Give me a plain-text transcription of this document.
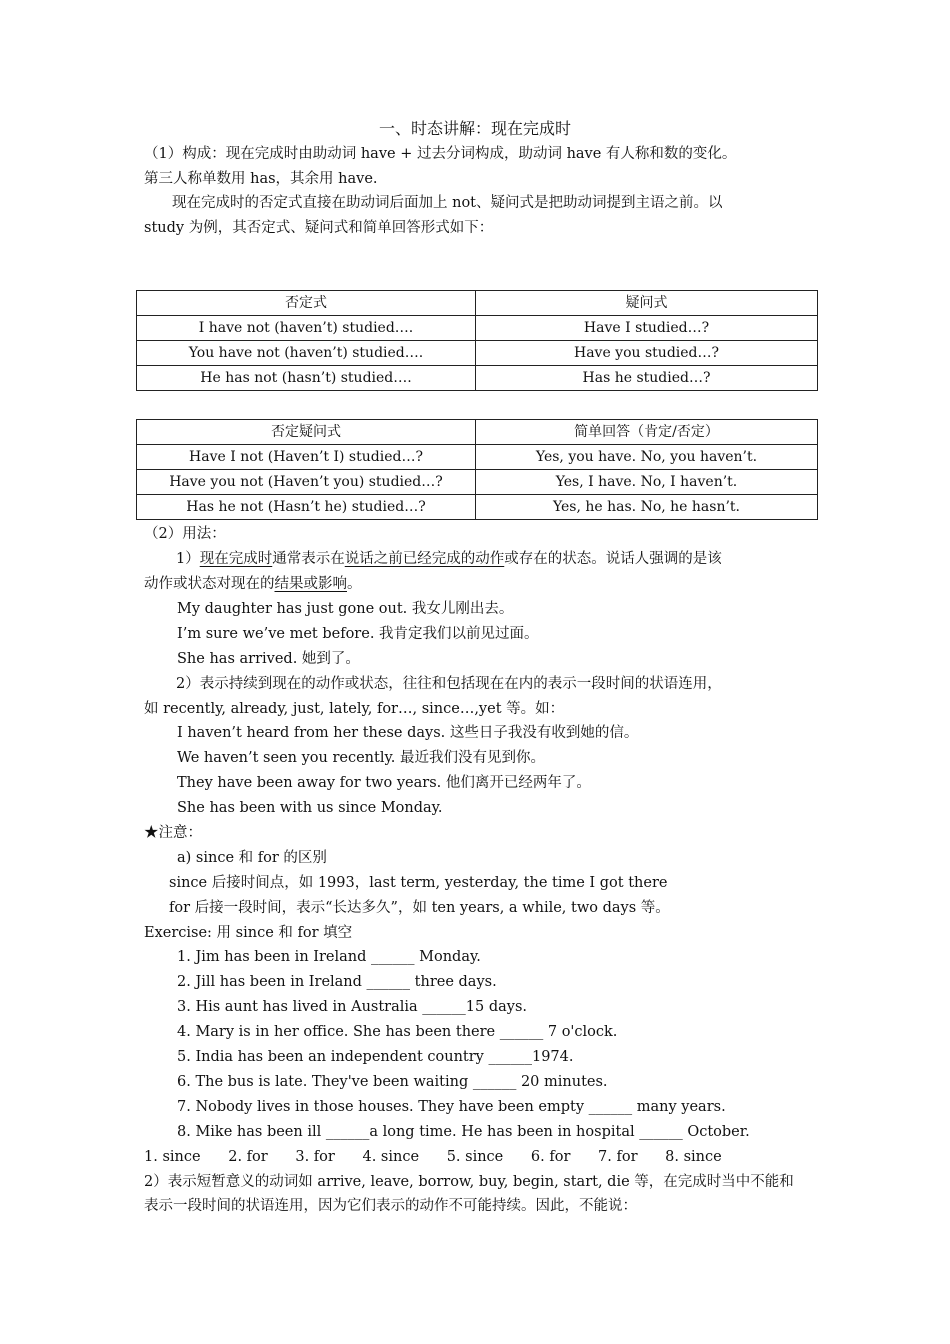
一、时态讲解：现在完成时
（1）构成：现在完成时由助动词 have + 过去分词构成，助动词 have 有人称和数的变化。
第三人称单数用 has，其余用 have.
现在完成时的否定式直接在助动词后面加上 not、疑问式是把助动词提到主语之前。以
study 为例，其否定式、疑问式和简单回答形式如下：
否定式	疑问式
I have not (haven’t) studied….	Have I studied…?
You have not (haven’t) studied….	Have you studied…?
He has not (hasn’t) studied….	Has he studied…?
否定疑问式	简单回答（肯定/否定）
Have I not (Haven’t I) studied…?	Yes, you have. No, you haven’t.
Have you not (Haven’t you) studied…?	Yes, I have. No, I haven’t.
Has he not (Hasn’t he) studied…?	Yes, he has. No, he hasn’t.
（2）用法：
1）现在完成时通常表示在说话之前已经完成的动作或存在的状态。说话人强调的是该
动作或状态对现在的结果或影响。
My daughter has just gone out. 我女儿刚出去。
I’m sure we’ve met before. 我肯定我们以前见过面。
She has arrived. 她到了。
2）表示持续到现在的动作或状态，往往和包括现在在内的表示一段时间的状语连用，
如 recently, already, just, lately, for…, since…,yet 等。如：
I haven’t heard from her these days. 这些日子我没有收到她的信。
We haven’t seen you recently. 最近我们没有见到你。
They have been away for two years. 他们离开已经两年了。
She has been with us since Monday.
★注意：
a) since 和 for 的区别
since 后接时间点，如 1993，last term, yesterday, the time I got there
for 后接一段时间，表示“长达多久”，如 ten years, a while, two days 等。
Exercise: 用 since 和 for 填空
1. Jim has been in Ireland ______ Monday.
2. Jill has been in Ireland ______ three days.
3. His aunt has lived in Australia ______15 days.
4. Mary is in her office. She has been there ______ 7 o'clock.
5. India has been an independent country ______1974.
6. The bus is late. They've been waiting ______ 20 minutes.
7. Nobody lives in those houses. They have been empty ______ many years.
8. Mike has been ill ______a long time. He has been in hospital ______ October.
1. since      2. for      3. for      4. since      5. since      6. for      7. for      8. since
2）表示短暂意义的动词如 arrive, leave, borrow, buy, begin, start, die 等，在完成时当中不能和
表示一段时间的状语连用，因为它们表示的动作不可能持续。因此，不能说：
